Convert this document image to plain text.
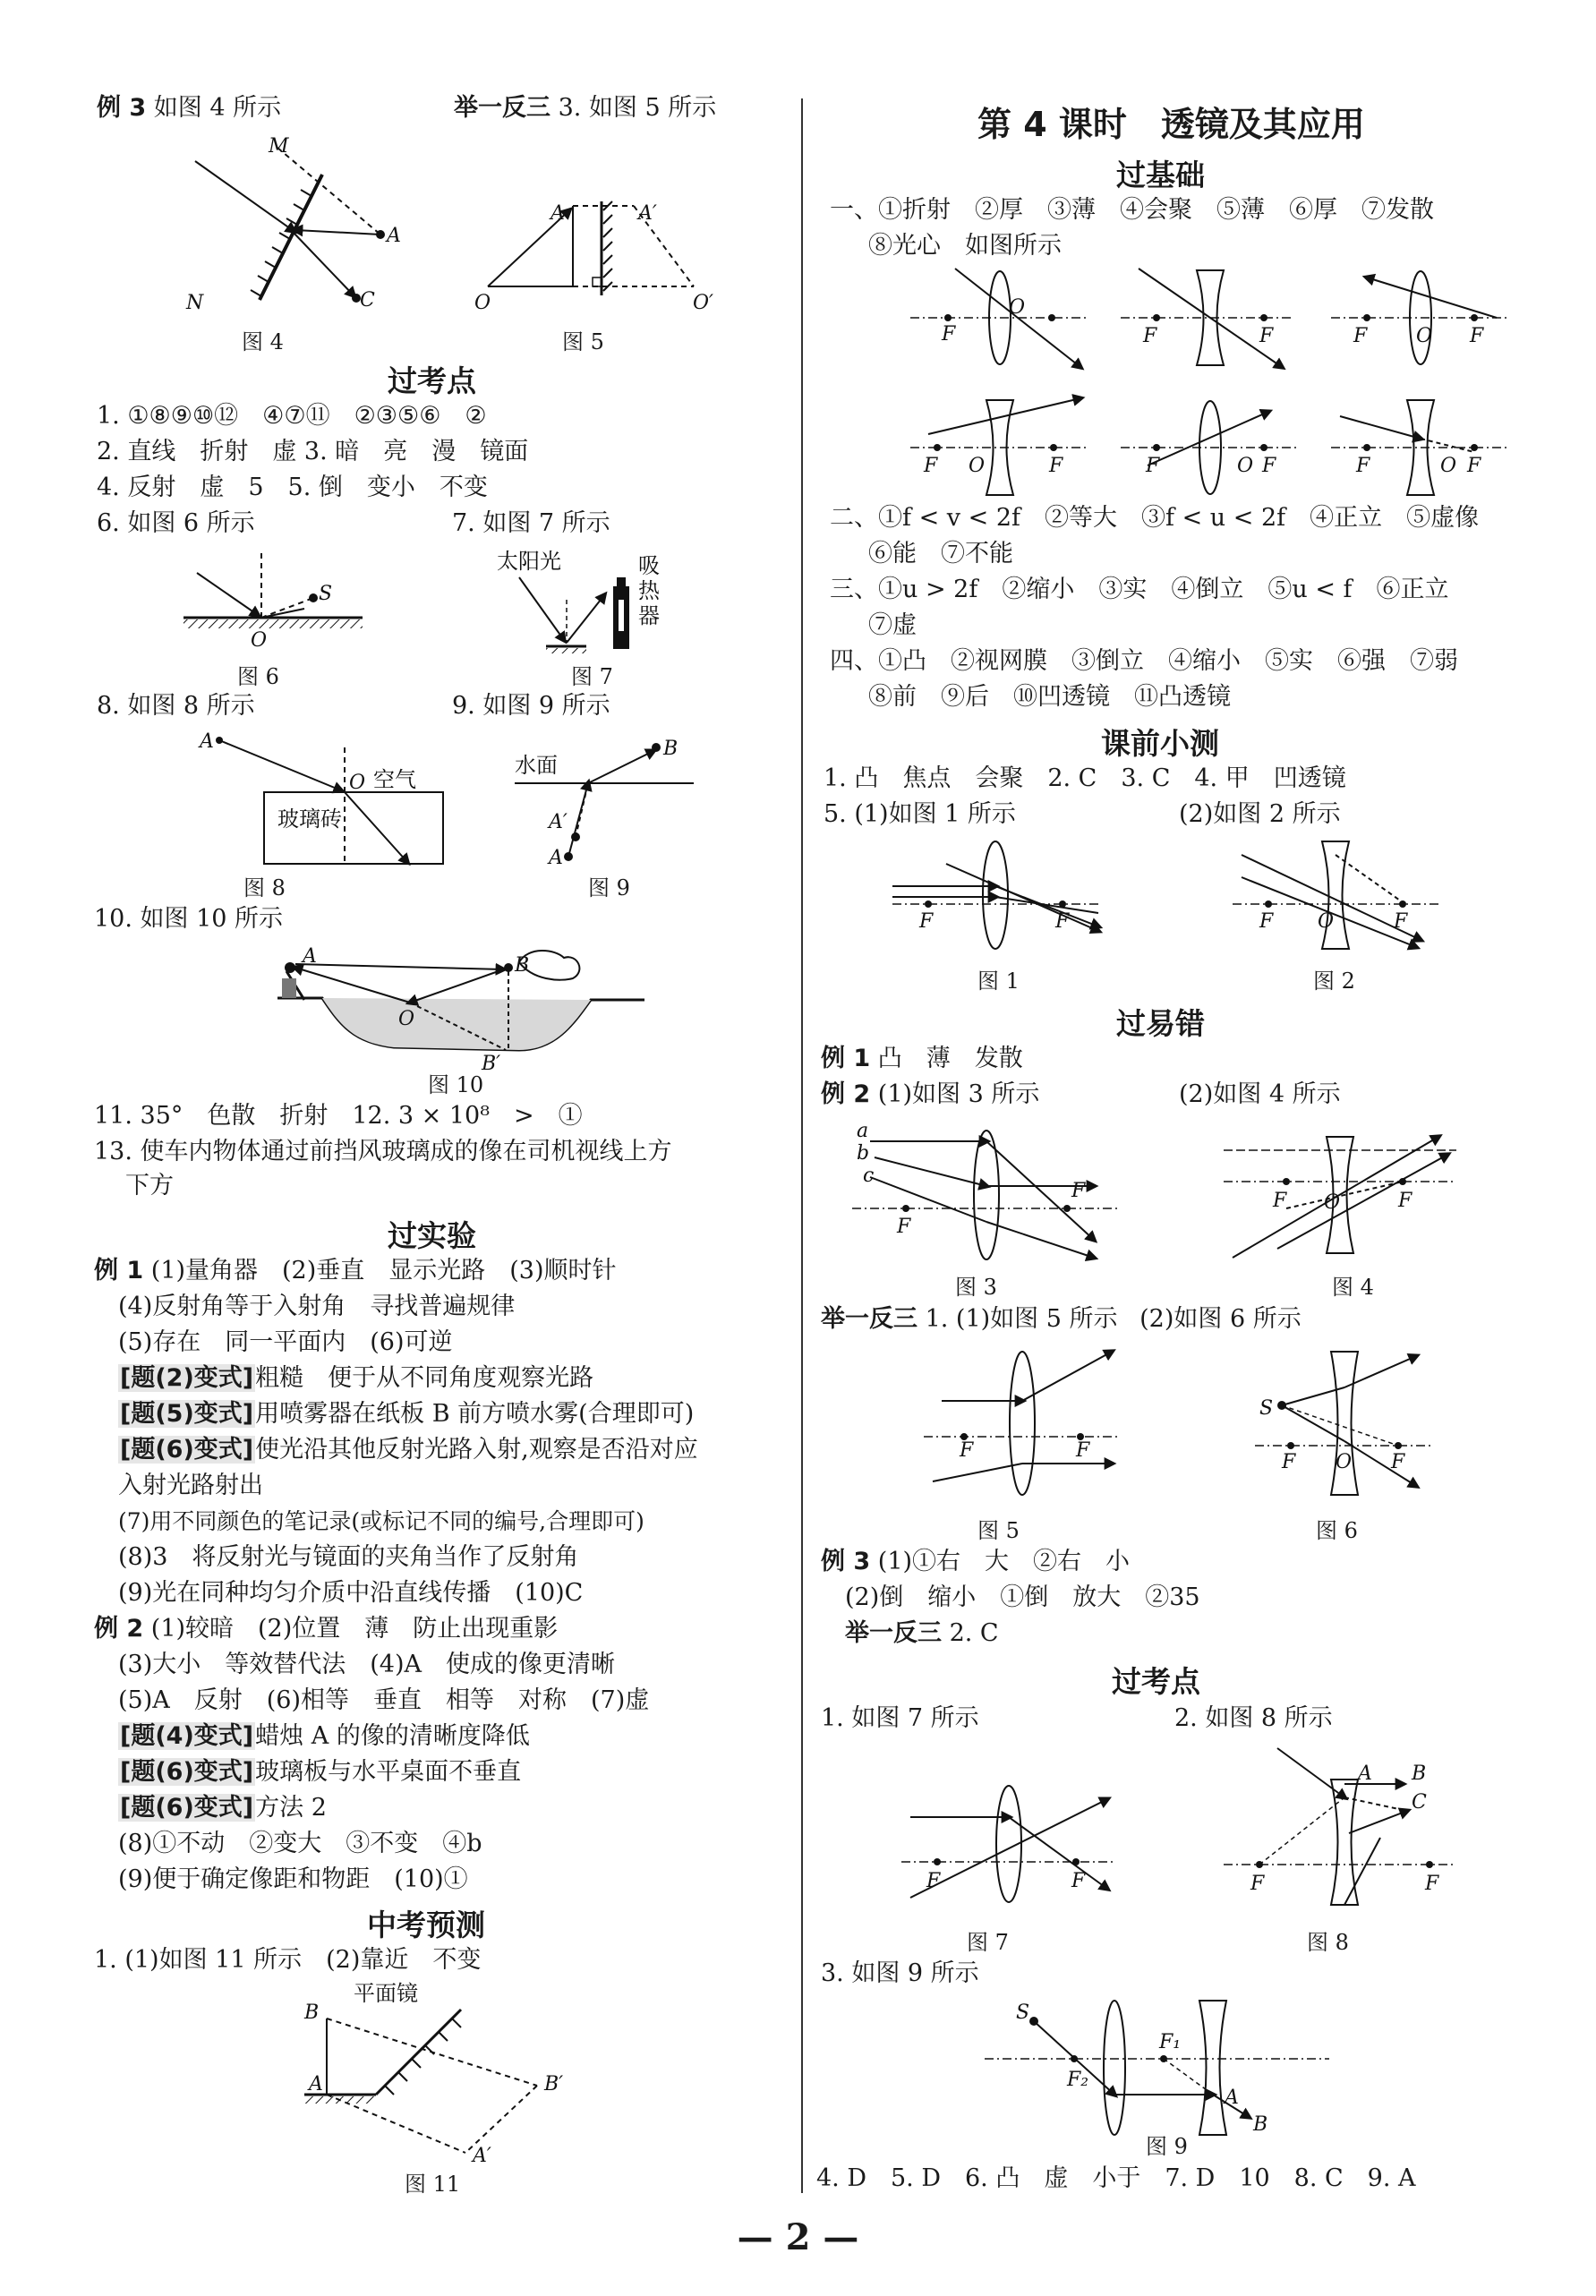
例 3 如图 4 所示	举一反三 3. 如图 5 所示
M
A
N	C
图 4
A	A′
O	O′
图 5
过考点
1. ①⑧⑨⑩⑫　④⑦⑪　②③⑤⑥　②
2. 直线　折射　虚 3. 暗　亮　漫　镜面
4. 反射　虚　5　5. 倒　变小　不变
6. 如图 6 所示	7. 如图 7 所示
S
O
图 6
太阳光	吸
热
器
图 7
8. 如图 8 所示	9. 如图 9 所示
A
O 空气
玻璃砖
图 8
水面
B
A′
A
图 9
10. 如图 10 所示
A	B
O
B′
图 10
11. 35°　色散　折射　12. 3 × 10⁸　>　①
13. 使车内物体通过前挡风玻璃成的像在司机视线上方
下方
过实验
例 1 (1)量角器　(2)垂直　显示光路　(3)顺时针
(4)反射角等于入射角　寻找普遍规律
(5)存在　同一平面内　(6)可逆
[题(2)变式]粗糙　便于从不同角度观察光路
[题(5)变式]用喷雾器在纸板 B 前方喷水雾(合理即可)
[题(6)变式]使光沿其他反射光路入射,观察是否沿对应
入射光路射出
(7)用不同颜色的笔记录(或标记不同的编号,合理即可)
(8)3　将反射光与镜面的夹角当作了反射角
(9)光在同种均匀介质中沿直线传播　(10)C
例 2 (1)较暗　(2)位置　薄　防止出现重影
(3)大小　等效替代法　(4)A　使成的像更清晰
(5)A　反射　(6)相等　垂直　相等　对称　(7)虚
[题(4)变式]蜡烛 A 的像的清晰度降低
[题(6)变式]玻璃板与水平桌面不垂直
[题(6)变式]方法 2
(8)①不动　②变大　③不变　④b
(9)便于确定像距和物距　(10)①
中考预测
1. (1)如图 11 所示　(2)靠近　不变
平面镜
B
A	B′
A′
图 11
第 4 课时　透镜及其应用
过基础
一、①折射　②厚　③薄　④会聚　⑤薄　⑥厚　⑦发散
⑧光心　如图所示
F
O
F	F	F O F
F O	F	F	O F	F	O F
二、①f < v < 2f　②等大　③f < u < 2f　④正立　⑤虚像
⑥能　⑦不能
三、①u > 2f　②缩小　③实　④倒立　⑤u < f　⑥正立
⑦虚
四、①凸　②视网膜　③倒立　④缩小　⑤实　⑥强　⑦弱
⑧前　⑨后　⑩凹透镜　⑪凸透镜
课前小测
1. 凸　焦点　会聚　2. C　3. C　4. 甲　凹透镜
5. (1)如图 1 所示	(2)如图 2 所示
F	F
图 1
F O	F
图 2
过易错
例 1 凸　薄　发散
例 2 (1)如图 3 所示	(2)如图 4 所示
a
b
c
F
F
图 3
F O	F
图 4
举一反三 1. (1)如图 5 所示 (2)如图 6 所示
F	F
图 5
S
F O F
图 6
例 3 (1)①右　大　②右　小
(2)倒　缩小　①倒　放大　②35
举一反三 2. C
过考点
1. 如图 7 所示	2. 如图 8 所示
F	F
图 7
A B
C
F	F
图 8
3. 如图 9 所示
S
F₁
F₂
A
B
图 9
4. D　5. D　6. 凸　虚　小于　7. D　10　8. C　9. A
— 2 —
